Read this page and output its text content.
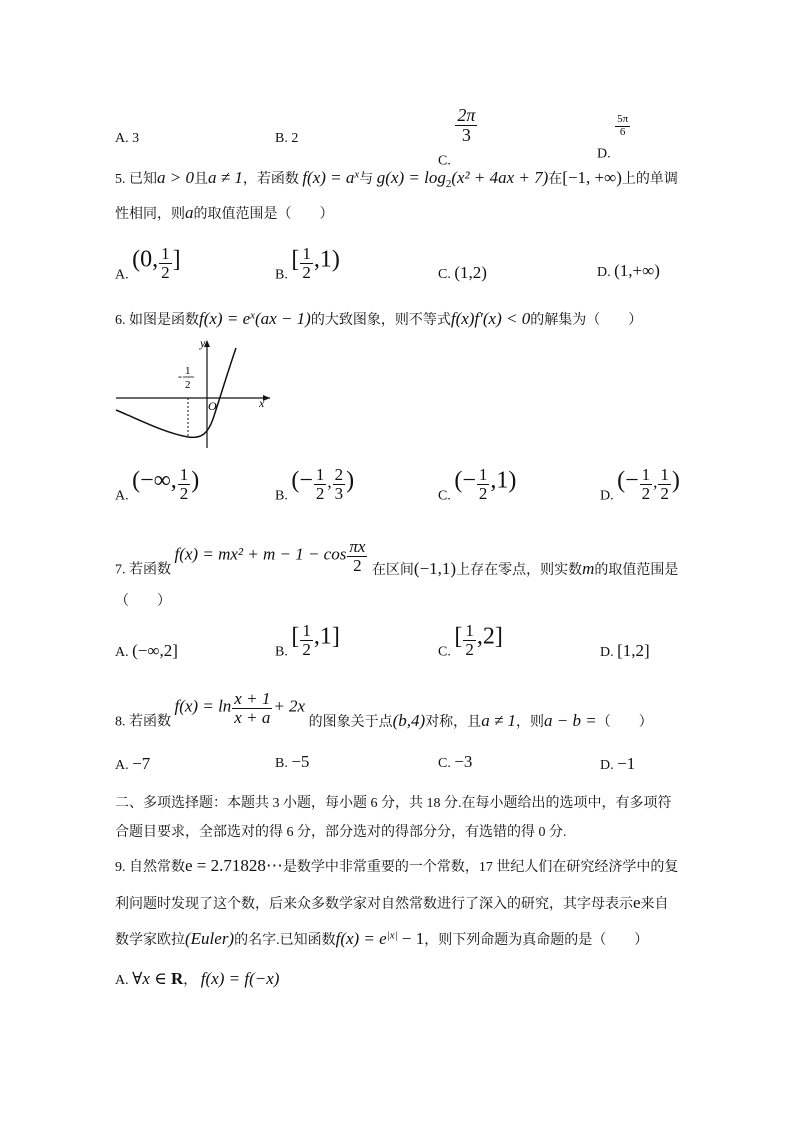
A. 3	B. 2
C.
$\frac{2\pi}{3}$
D.
$\frac{5\pi}{6}$
5. 已知a > 0且a ≠ 1，若函数 $f(x) = a^x$与 $g(x) = \log_2(x^2 + 4ax + 7)$在[−1, +∞)上的单调
性相同，则a的取值范围是（　　）
A. (0, $\frac{1}{2}$ ]
B. [ $\frac{1}{2} ,1$)
C. (1,2)	D. (1,+∞)
6. 如图是函数$f(x) = e^x(ax - 1)$的大致图象，则不等式f(x)f′(x) < 0的解集为（　　）
y
x
O
- 1
2
A. (−∞, $\frac{1}{2}$ )
B. (− $\frac{1}{2}$ , $\frac{2}{3}$ )
C. (− $\frac{1}{2} ,1$)
D. (− $\frac{1}{2}$ , $\frac{1}{2}$ )
7. 若函数 $f(x) = mx^2 + m - 1 - \cos \frac{\pi x}{2}$ 在区间(−1,1)上存在零点，则实数m的取值范围是
（　　）
A. (−∞,2]	B. [ $\frac{1}{2} ,1$]
C. [ $\frac{1}{2} ,2$]
D. [1,2]
8. 若函数 $f(x) = \ln \frac{x + 1}{x + a} + 2x$ 的图象关于点(b,4)对称，且a ≠ 1，则a − b =（　　）
A. −7	B. −5	C. −3	D. −1
二、多项选择题：本题共 3 小题，每小题 6 分，共 18 分.在每小题给出的选项中，有多项符
合题目要求，全部选对的得 6 分，部分选对的得部分分，有选错的得 0 分.
9. 自然常数e = 2.71828⋯是数学中非常重要的一个常数，17 世纪人们在研究经济学中的复
利问题时发现了这个数，后来众多数学家对自然常数进行了深入的研究，其字母表示e来自
数学家欧拉(Euler)的名字.已知函数$f(x) = e^{|x|} - 1$，则下列命题为真命题的是（　　）
A. ∀x ∈ R， f(x) = f(−x)
